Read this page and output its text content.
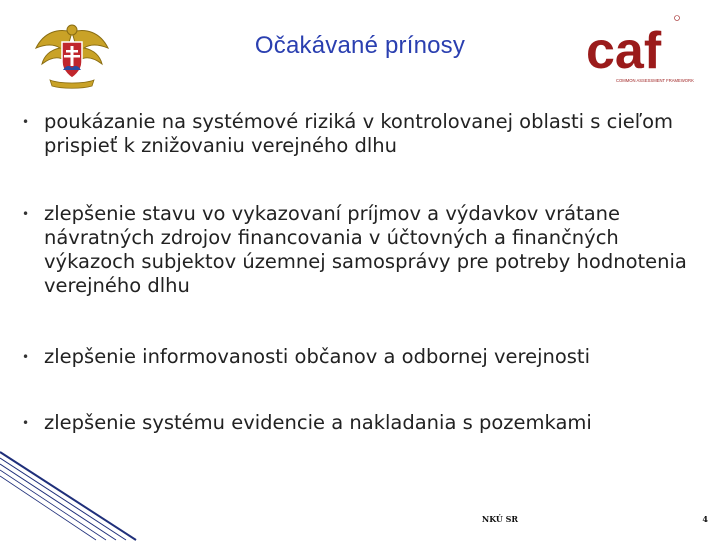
Očakávané prínosy	caf
COMMON ASSESSMENT FRAMEWORK
• poukázanie na systémové riziká v kontrolovanej oblasti s cieľom prispieť k znižovaniu verejného dlhu
• zlepšenie stavu vo vykazovaní príjmov a výdavkov vrátane návratných zdrojov financovania v účtovných a finančných výkazoch subjektov územnej samosprávy pre potreby hodnotenia verejného dlhu
• zlepšenie informovanosti občanov a odbornej verejnosti
• zlepšenie systému evidencie a nakladania s pozemkami
NKÚ SR	4
